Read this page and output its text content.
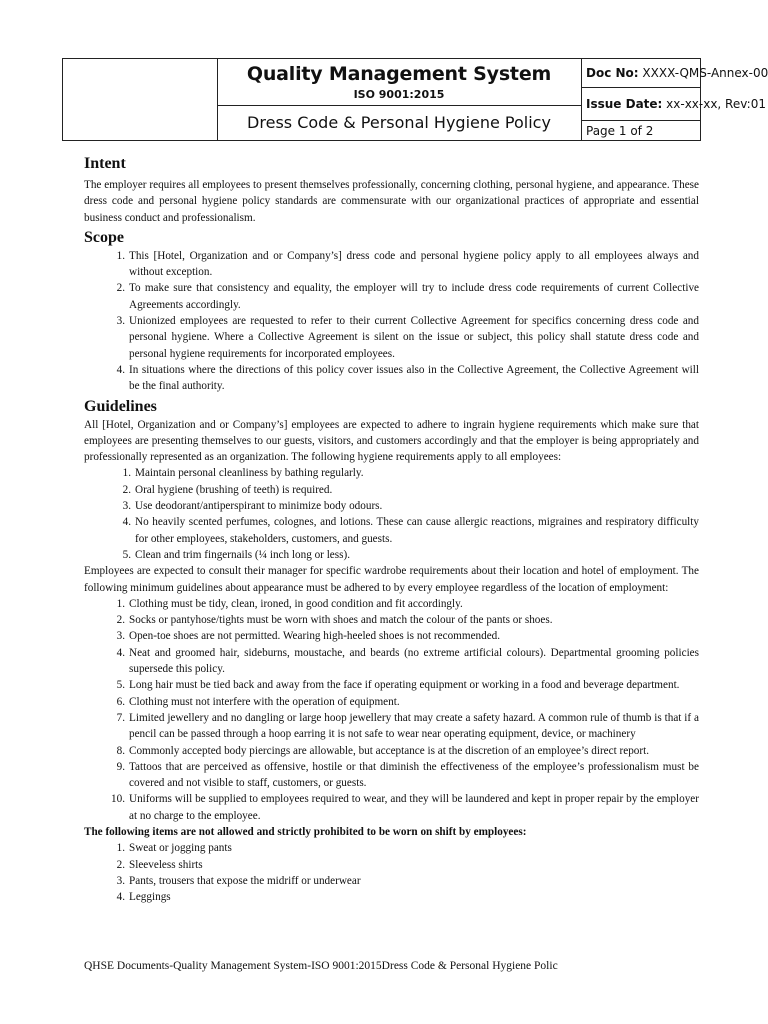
Quality Management System
ISO 9001:2015
Dress Code & Personal Hygiene Policy
Doc No: XXXX-QMS-Annex-00
Issue Date: xx-xx-xx, Rev:01
Page 1 of 2
Intent

The employer requires all employees to present themselves professionally, concerning clothing, personal hygiene, and appearance. These dress code and personal hygiene policy standards are commensurate with our organizational practices of appropriate and essential business conduct and professionalism.

Scope
1. This [Hotel, Organization and or Company’s] dress code and personal hygiene policy apply to all employees always and without exception.
2. To make sure that consistency and equality, the employer will try to include dress code requirements of current Collective Agreements accordingly.
3. Unionized employees are requested to refer to their current Collective Agreement for specifics concerning dress code and personal hygiene. Where a Collective Agreement is silent on the issue or subject, this policy shall statute dress code and personal hygiene requirements for incorporated employees.
4. In situations where the directions of this policy cover issues also in the Collective Agreement, the Collective Agreement will be the final authority.
Guidelines

All [Hotel, Organization and or Company’s] employees are expected to adhere to ingrain hygiene requirements which make sure that employees are presenting themselves to our guests, visitors, and customers accordingly and that the employer is being appropriately and professionally represented as an organization. The following hygiene requirements apply to all employees:

1. Maintain personal cleanliness by bathing regularly.
2. Oral hygiene (brushing of teeth) is required.
3. Use deodorant/antiperspirant to minimize body odours.
4. No heavily scented perfumes, colognes, and lotions. These can cause allergic reactions, migraines and respiratory difficulty for other employees, stakeholders, customers, and guests.
5. Clean and trim fingernails (¼ inch long or less).

Employees are expected to consult their manager for specific wardrobe requirements about their location and hotel of employment. The following minimum guidelines about appearance must be adhered to by every employee regardless of the location of employment:

1. Clothing must be tidy, clean, ironed, in good condition and fit accordingly.
2. Socks or pantyhose/tights must be worn with shoes and match the colour of the pants or shoes.
3. Open-toe shoes are not permitted. Wearing high-heeled shoes is not recommended.
4. Neat and groomed hair, sideburns, moustache, and beards (no extreme artificial colours). Departmental grooming policies supersede this policy.
5. Long hair must be tied back and away from the face if operating equipment or working in a food and beverage department.
6. Clothing must not interfere with the operation of equipment.
7. Limited jewellery and no dangling or large hoop jewellery that may create a safety hazard. A common rule of thumb is that if a pencil can be passed through a hoop earring it is not safe to wear near operating equipment, device, or machinery
8. Commonly accepted body piercings are allowable, but acceptance is at the discretion of an employee’s direct report.
9. Tattoos that are perceived as offensive, hostile or that diminish the effectiveness of the employee’s professionalism must be covered and not visible to staff, customers, or guests.
10. Uniforms will be supplied to employees required to wear, and they will be laundered and kept in proper repair by the employer at no charge to the employee.

The following items are not allowed and strictly prohibited to be worn on shift by employees:

1. Sweat or jogging pants
2. Sleeveless shirts
3. Pants, trousers that expose the midriff or underwear
4. Leggings
QHSE Documents-Quality Management System-ISO 9001:2015Dress Code & Personal Hygiene Polic
